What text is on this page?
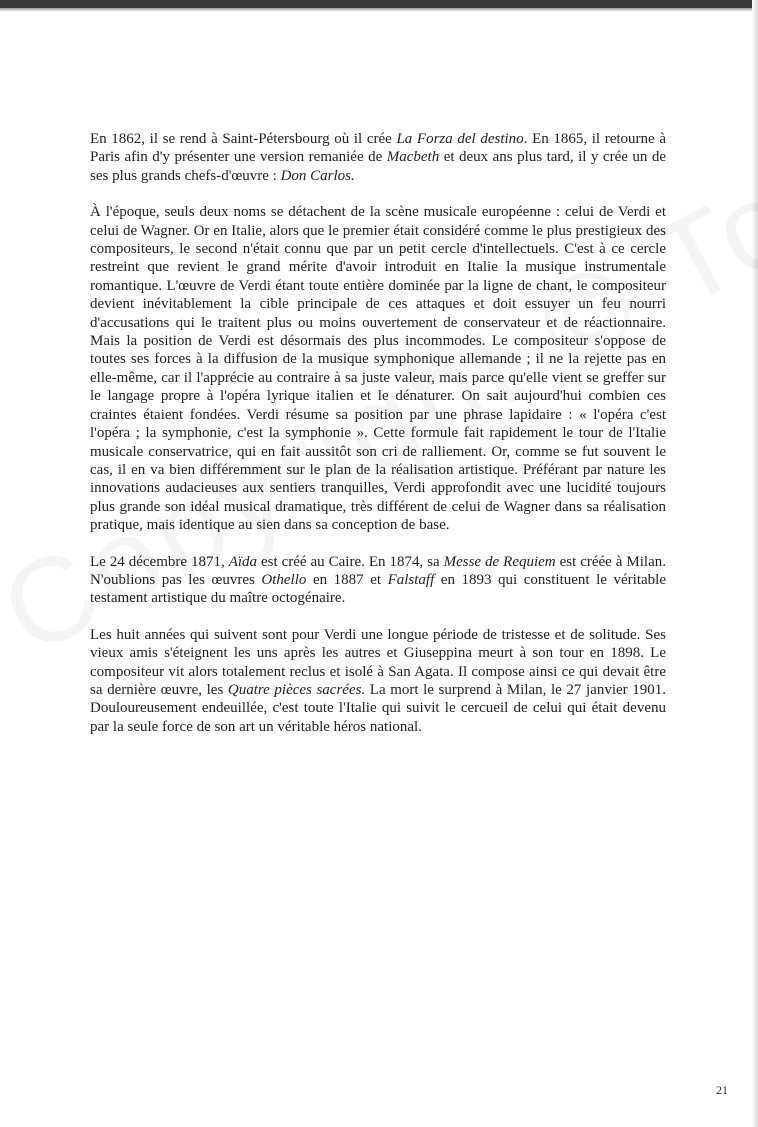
En 1862, il se rend à Saint-Pétersbourg où il crée La Forza del destino. En 1865, il retourne à Paris afin d'y présenter une version remaniée de Macbeth et deux ans plus tard, il y crée un de ses plus grands chefs-d'œuvre : Don Carlos.

À l'époque, seuls deux noms se détachent de la scène musicale européenne : celui de Verdi et celui de Wagner. Or en Italie, alors que le premier était considéré comme le plus prestigieux des compositeurs, le second n'était connu que par un petit cercle d'intellectuels. C'est à ce cercle restreint que revient le grand mérite d'avoir introduit en Italie la musique instrumentale romantique. L'œuvre de Verdi étant toute entière dominée par la ligne de chant, le compositeur devient inévitablement la cible principale de ces attaques et doit essuyer un feu nourri d'accusations qui le traitent plus ou moins ouvertement de conservateur et de réactionnaire. Mais la position de Verdi est désormais des plus incommodes. Le compositeur s'oppose de toutes ses forces à la diffusion de la musique symphonique allemande ; il ne la rejette pas en elle-même, car il l'apprécie au contraire à sa juste valeur, mais parce qu'elle vient se greffer sur le langage propre à l'opéra lyrique italien et le dénaturer. On sait aujourd'hui combien ces craintes étaient fondées. Verdi résume sa position par une phrase lapidaire : « l'opéra c'est l'opéra ; la symphonie, c'est la symphonie ». Cette formule fait rapidement le tour de l'Italie musicale conservatrice, qui en fait aussitôt son cri de ralliement. Or, comme se fut souvent le cas, il en va bien différemment sur le plan de la réalisation artistique. Préférant par nature les innovations audacieuses aux sentiers tranquilles, Verdi approfondit avec une lucidité toujours plus grande son idéal musical dramatique, très différent de celui de Wagner dans sa réalisation pratique, mais identique au sien dans sa conception de base.

Le 24 décembre 1871, Aïda est créé au Caire. En 1874, sa Messe de Requiem est créée à Milan. N'oublions pas les œuvres Othello en 1887 et Falstaff en 1893 qui constituent le véritable testament artistique du maître octogénaire.

Les huit années qui suivent sont pour Verdi une longue période de tristesse et de solitude. Ses vieux amis s'éteignent les uns après les autres et Giuseppina meurt à son tour en 1898. Le compositeur vit alors totalement reclus et isolé à San Agata. Il compose ainsi ce qui devait être sa dernière œuvre, les Quatre pièces sacrées. La mort le surprend à Milan, le 27 janvier 1901. Douloureusement endeuillée, c'est toute l'Italie qui suivit le cercueil de celui qui était devenu par la seule force de son art un véritable héros national.

21
